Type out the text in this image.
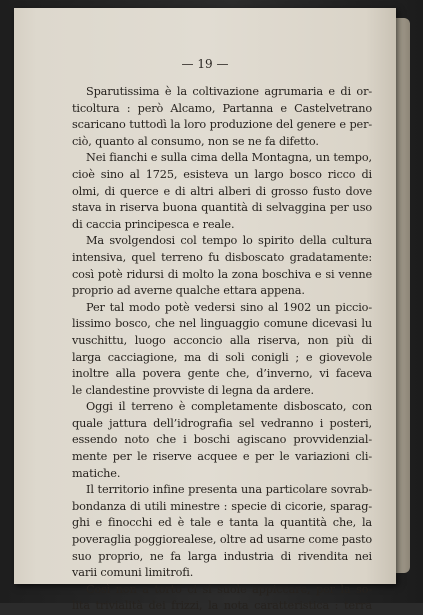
— 19 —
Sparutissima è la coltivazione agrumaria e di or-
ticoltura : però Alcamo, Partanna e Castelvetrano
scaricano tuttodì la loro produzione del genere e per-
ciò, quanto al consumo, non se ne fa difetto.
Nei fianchi e sulla cima della Montagna, un tempo,
cioè sino al 1725, esisteva un largo bosco ricco di
olmi, di querce e di altri alberi di grosso fusto dove
stava in riserva buona quantità di selvaggina per uso
di caccia principesca e reale.
Ma svolgendosi col tempo lo spirito della cultura
intensiva, quel terreno fu disboscato gradatamente:
così potè ridursi di molto la zona boschiva e si venne
proprio ad averne qualche ettara appena.
Per tal modo potè vedersi sino al 1902 un piccio-
lissimo bosco, che nel linguaggio comune dicevasi lu
vuschittu, luogo acconcio alla riserva, non più di
larga cacciagione, ma di soli conigli ; e giovevole
inoltre alla povera gente che, d’inverno, vi faceva
le clandestine provviste di legna da ardere.
Oggi il terreno è completamente disboscato, con
quale jattura dell’idrografia sel vedranno i posteri,
essendo noto che i boschi agiscano provvidenzial-
mente per le riserve acquee e per le variazioni cli-
matiche.
Il territorio infine presenta una particolare sovrab-
bondanza di utili minestre : specie di cicorie, sparag-
ghi e finocchi ed è tale e tanta la quantità che, la
poveraglia poggiorealese, oltre ad usarne come pasto
suo proprio, ne fa larga industria di rivendita nei
varii comuni limitrofi.
Così non a torto ci si suole appiccare, per la so-
lita trivialità dei frizzi, la nota caratteristica : terra
